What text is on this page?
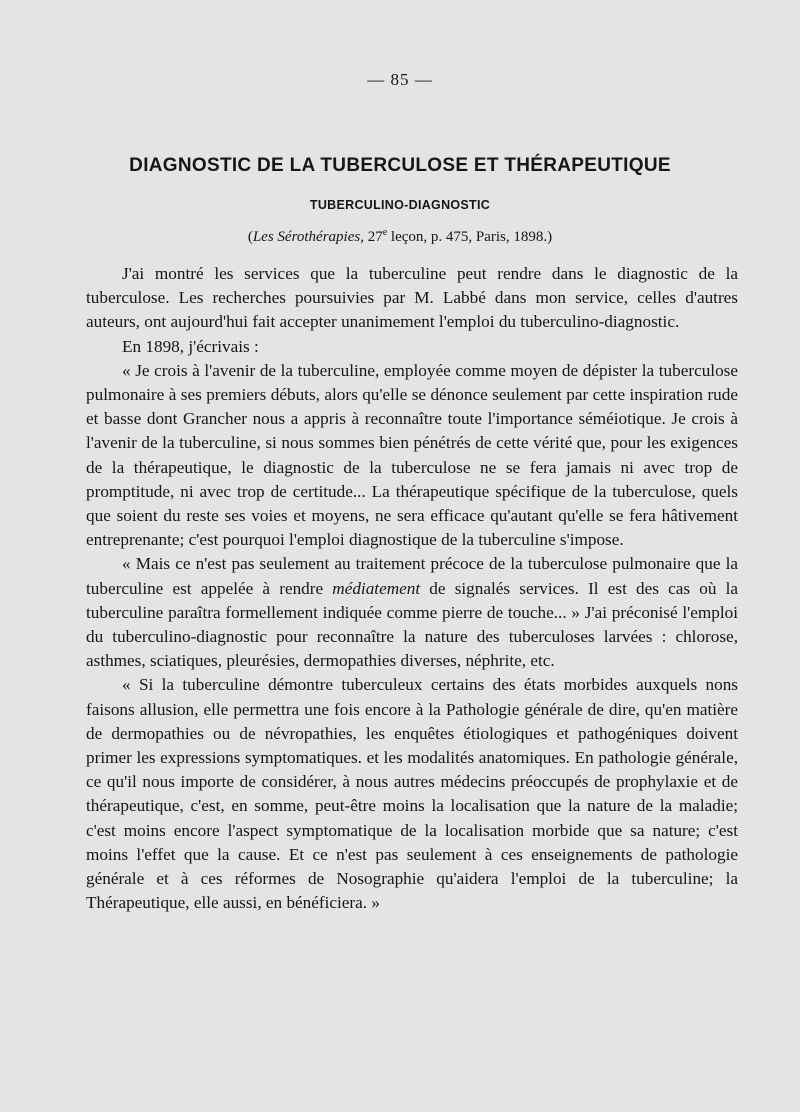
— 85 —
DIAGNOSTIC DE LA TUBERCULOSE ET THÉRAPEUTIQUE
TUBERCULINO-DIAGNOSTIC
(Les Sérothérapies, 27e leçon, p. 475, Paris, 1898.)

J'ai montré les services que la tuberculine peut rendre dans le diagnostic de la tuberculose. Les recherches poursuivies par M. Labbé dans mon service, celles d'autres auteurs, ont aujourd'hui fait accepter unanimement l'emploi du tuberculino-diagnostic.

En 1898, j'écrivais :

« Je crois à l'avenir de la tuberculine, employée comme moyen de dépister la tuberculose pulmonaire à ses premiers débuts, alors qu'elle se dénonce seulement par cette inspiration rude et basse dont Grancher nous a appris à reconnaître toute l'importance séméiotique. Je crois à l'avenir de la tuberculine, si nous sommes bien pénétrés de cette vérité que, pour les exigences de la thérapeutique, le diagnostic de la tuberculose ne se fera jamais ni avec trop de promptitude, ni avec trop de certitude... La thérapeutique spécifique de la tuberculose, quels que soient du reste ses voies et moyens, ne sera efficace qu'autant qu'elle se fera hâtivement entreprenante; c'est pourquoi l'emploi diagnostique de la tuberculine s'impose.

« Mais ce n'est pas seulement au traitement précoce de la tuberculose pulmonaire que la tuberculine est appelée à rendre médiatement de signalés services. Il est des cas où la tuberculine paraîtra formellement indiquée comme pierre de touche... » J'ai préconisé l'emploi du tuberculino-diagnostic pour reconnaître la nature des tuberculoses larvées : chlorose, asthmes, sciatiques, pleurésies, dermopathies diverses, néphrite, etc.

« Si la tuberculine démontre tuberculeux certains des états morbides auxquels nons faisons allusion, elle permettra une fois encore à la Pathologie générale de dire, qu'en matière de dermopathies ou de névropathies, les enquêtes étiologiques et pathogéniques doivent primer les expressions symptomatiques. et les modalités anatomiques. En pathologie générale, ce qu'il nous importe de considérer, à nous autres médecins préoccupés de prophylaxie et de thérapeutique, c'est, en somme, peut-être moins la localisation que la nature de la maladie; c'est moins encore l'aspect symptomatique de la localisation morbide que sa nature; c'est moins l'effet que la cause. Et ce n'est pas seulement à ces enseignements de pathologie générale et à ces réformes de Nosographie qu'aidera l'emploi de la tuberculine; la Thérapeutique, elle aussi, en bénéficiera. »
